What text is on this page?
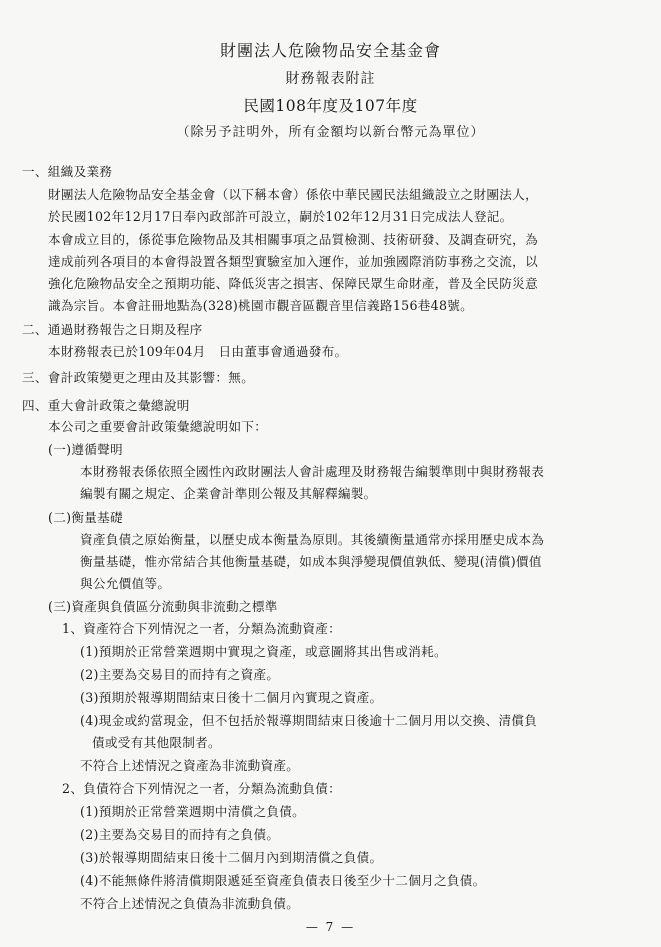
財團法人危險物品安全基金會
財務報表附註
民國108年度及107年度
（除另予註明外，所有金額均以新台幣元為單位）
一、組織及業務
財團法人危險物品安全基金會（以下稱本會）係依中華民國民法組織設立之財團法人，
於民國102年12月17日奉內政部許可設立，嗣於102年12月31日完成法人登記。
本會成立目的，係從事危險物品及其相關事項之品質檢測、技術研發、及調查研究，為
達成前列各項目的本會得設置各類型實驗室加入運作，並加強國際消防事務之交流，以
強化危險物品安全之預期功能、降低災害之損害、保障民眾生命財產，普及全民防災意
識為宗旨。本會註冊地點為(328)桃園市觀音區觀音里信義路156巷48號。
二、通過財務報告之日期及程序
本財務報表已於109年04月　日由董事會通過發布。
三、會計政策變更之理由及其影響：無。
四、重大會計政策之彙總說明
本公司之重要會計政策彙總說明如下：
(一)遵循聲明
本財務報表係依照全國性內政財團法人會計處理及財務報告編製準則中與財務報表
編製有關之規定、企業會計準則公報及其解釋編製。
(二)衡量基礎
資產負債之原始衡量，以歷史成本衡量為原則。其後續衡量通常亦採用歷史成本為
衡量基礎，惟亦常結合其他衡量基礎，如成本與淨變現價值孰低、變現(清償)價值
與公允價值等。
(三)資產與負債區分流動與非流動之標準
1、資產符合下列情況之一者，分類為流動資產：
(1)預期於正常營業週期中實現之資產，或意圖將其出售或消耗。
(2)主要為交易目的而持有之資產。
(3)預期於報導期間結束日後十二個月內實現之資產。
(4)現金或約當現金，但不包括於報導期間結束日後逾十二個月用以交換、清償負
債或受有其他限制者。
不符合上述情況之資產為非流動資產。
2、負債符合下列情況之一者，分類為流動負債：
(1)預期於正常營業週期中清償之負債。
(2)主要為交易目的而持有之負債。
(3)於報導期間結束日後十二個月內到期清償之負債。
(4)不能無條件將清償期限遞延至資產負債表日後至少十二個月之負債。
不符合上述情況之負債為非流動負債。
— 7 —
